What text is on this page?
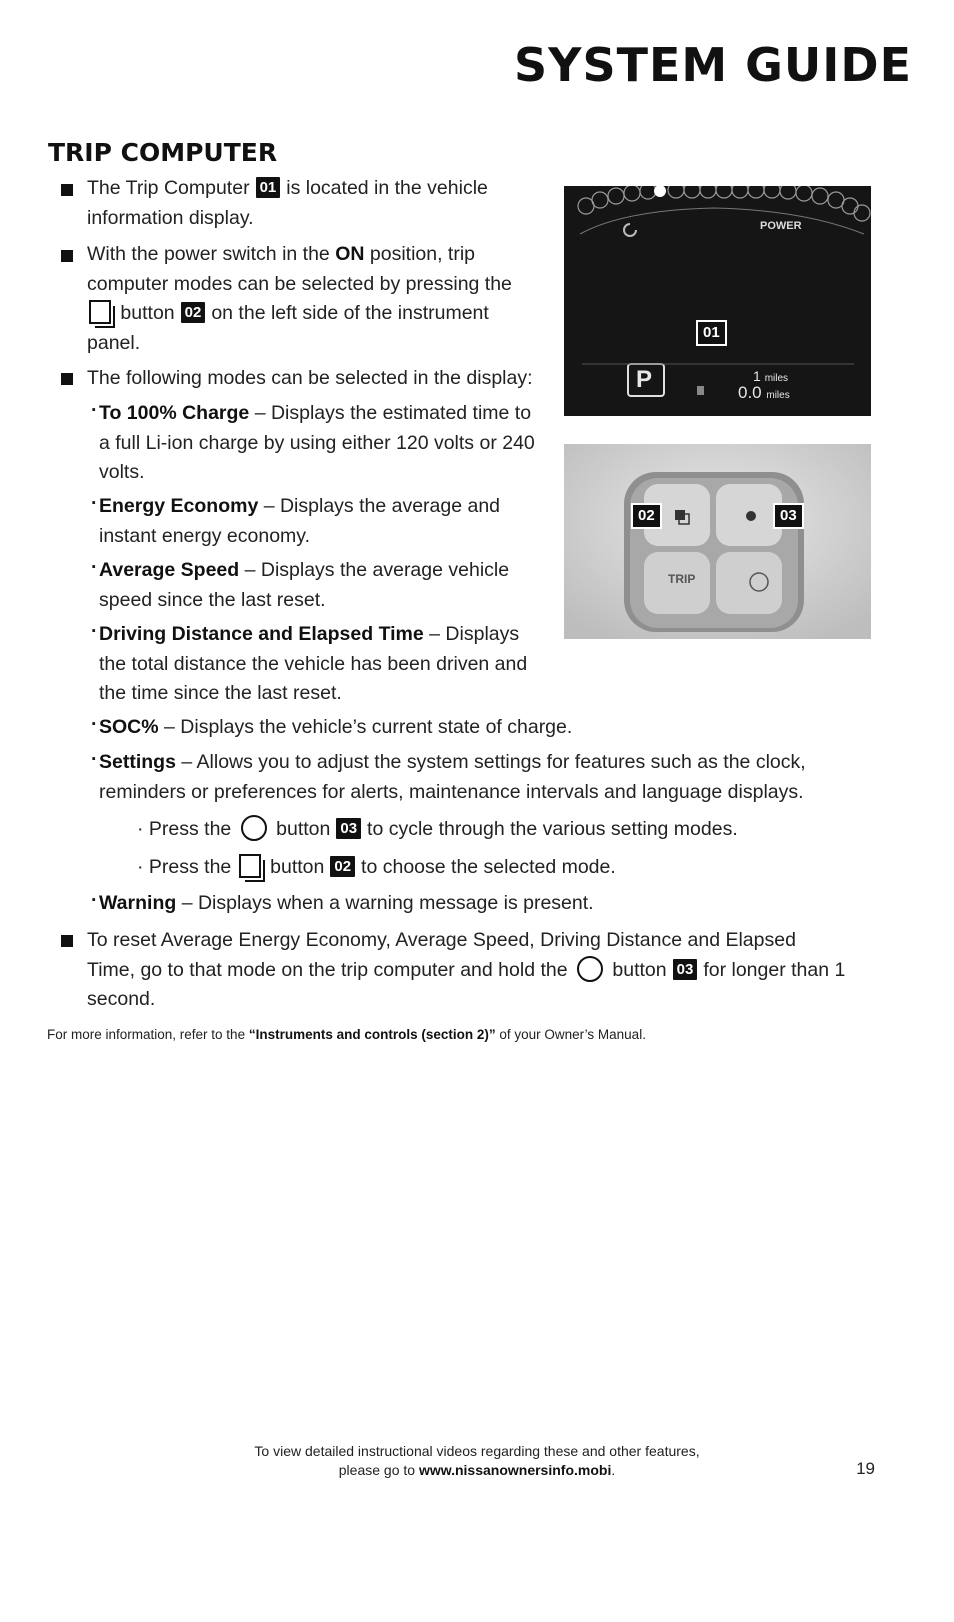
SYSTEM GUIDE
TRIP COMPUTER
The Trip Computer 01 is located in the vehicle information display.
With the power switch in the ON position, trip computer modes can be selected by pressing the
button 02 on the left side of the instrument panel.
The following modes can be selected in the display:
· To 100% Charge – Displays the estimated time to a full Li-ion charge by using either 120 volts or 240 volts.
· Energy Economy – Displays the average and instant energy economy.
· Average Speed – Displays the average vehicle speed since the last reset.
· Driving Distance and Elapsed Time – Displays the total distance the vehicle has been driven and the time since the last reset.
· SOC% – Displays the vehicle’s current state of charge.
· Settings – Allows you to adjust the system settings for features such as the clock, reminders or preferences for alerts, maintenance intervals and language displays.
· Press the button 03 to cycle through the various setting modes.
· Press the button 02 to choose the selected mode.
· Warning – Displays when a warning message is present.
To reset Average Energy Economy, Average Speed, Driving Distance and Elapsed Time, go to that mode on the trip computer and hold the button 03 for longer than 1 second.
For more information, refer to the “Instruments and controls (section 2)” of your Owner’s Manual.
POWER
01
P	1 miles
0.0 miles
TRIP
02	03
To view detailed instructional videos regarding these and other features,
please go to www.nissanownersinfo.mobi.	19
